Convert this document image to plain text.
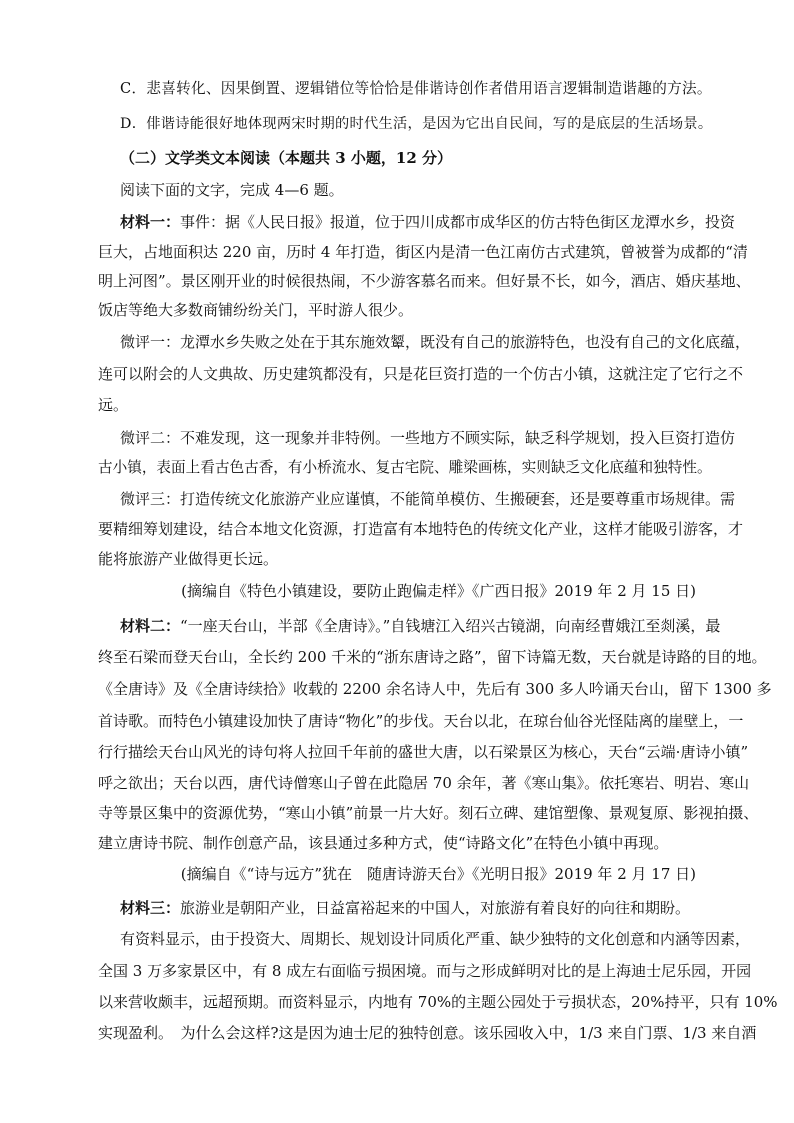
C．悲喜转化、因果倒置、逻辑错位等恰恰是俳谐诗创作者借用语言逻辑制造谐趣的方法。
D．俳谐诗能很好地体现两宋时期的时代生活，是因为它出自民间，写的是底层的生活场景。
（二）文学类文本阅读（本题共 3 小题，12 分）
阅读下面的文字，完成 4—6 题。
材料一：事件：据《人民日报》报道，位于四川成都市成华区的仿古特色街区龙潭水乡，投资
巨大，占地面积达 220 亩，历时 4 年打造，街区内是清一色江南仿古式建筑，曾被誉为成都的“清
明上河图”。景区刚开业的时候很热闹，不少游客慕名而来。但好景不长，如今，酒店、婚庆基地、
饭店等绝大多数商铺纷纷关门，平时游人很少。
微评一：龙潭水乡失败之处在于其东施效颦，既没有自己的旅游特色，也没有自己的文化底蕴，
连可以附会的人文典故、历史建筑都没有，只是花巨资打造的一个仿古小镇，这就注定了它行之不
远。
微评二：不难发现，这一现象并非特例。一些地方不顾实际，缺乏科学规划，投入巨资打造仿
古小镇，表面上看古色古香，有小桥流水、复古宅院、雕梁画栋，实则缺乏文化底蕴和独特性。
微评三：打造传统文化旅游产业应谨慎，不能简单模仿、生搬硬套，还是要尊重市场规律。需
要精细筹划建设，结合本地文化资源，打造富有本地特色的传统文化产业，这样才能吸引游客，才
能将旅游产业做得更长远。
(摘编自《特色小镇建设，要防止跑偏走样》《广西日报》2019 年 2 月 15 日)
材料二：“一座天台山，半部《全唐诗》。”自钱塘江入绍兴古镜湖，向南经曹娥江至剡溪，最
终至石梁而登天台山，全长约 200 千米的“浙东唐诗之路”，留下诗篇无数，天台就是诗路的目的地。
《全唐诗》及《全唐诗续拾》收载的 2200 余名诗人中，先后有 300 多人吟诵天台山，留下 1300 多
首诗歌。而特色小镇建设加快了唐诗“物化”的步伐。天台以北，在琼台仙谷光怪陆离的崖壁上，一
行行描绘天台山风光的诗句将人拉回千年前的盛世大唐，以石梁景区为核心，天台“云端·唐诗小镇”
呼之欲出；天台以西，唐代诗僧寒山子曾在此隐居 70 余年，著《寒山集》。依托寒岩、明岩、寒山
寺等景区集中的资源优势，“寒山小镇”前景一片大好。刻石立碑、建馆塑像、景观复原、影视拍摄、
建立唐诗书院、制作创意产品，该县通过多种方式，使“诗路文化”在特色小镇中再现。
(摘编自《“诗与远方”犹在　随唐诗游天台》《光明日报》2019 年 2 月 17 日)
材料三：旅游业是朝阳产业，日益富裕起来的中国人，对旅游有着良好的向往和期盼。
有资料显示，由于投资大、周期长、规划设计同质化严重、缺少独特的文化创意和内涵等因素，
全国 3 万多家景区中，有 8 成左右面临亏损困境。而与之形成鲜明对比的是上海迪士尼乐园，开园
以来营收颇丰，远超预期。而资料显示，内地有 70%的主题公园处于亏损状态，20%持平，只有 10%
实现盈利。　为什么会这样?这是因为迪士尼的独特创意。该乐园收入中，1/3 来自门票、1/3 来自酒
